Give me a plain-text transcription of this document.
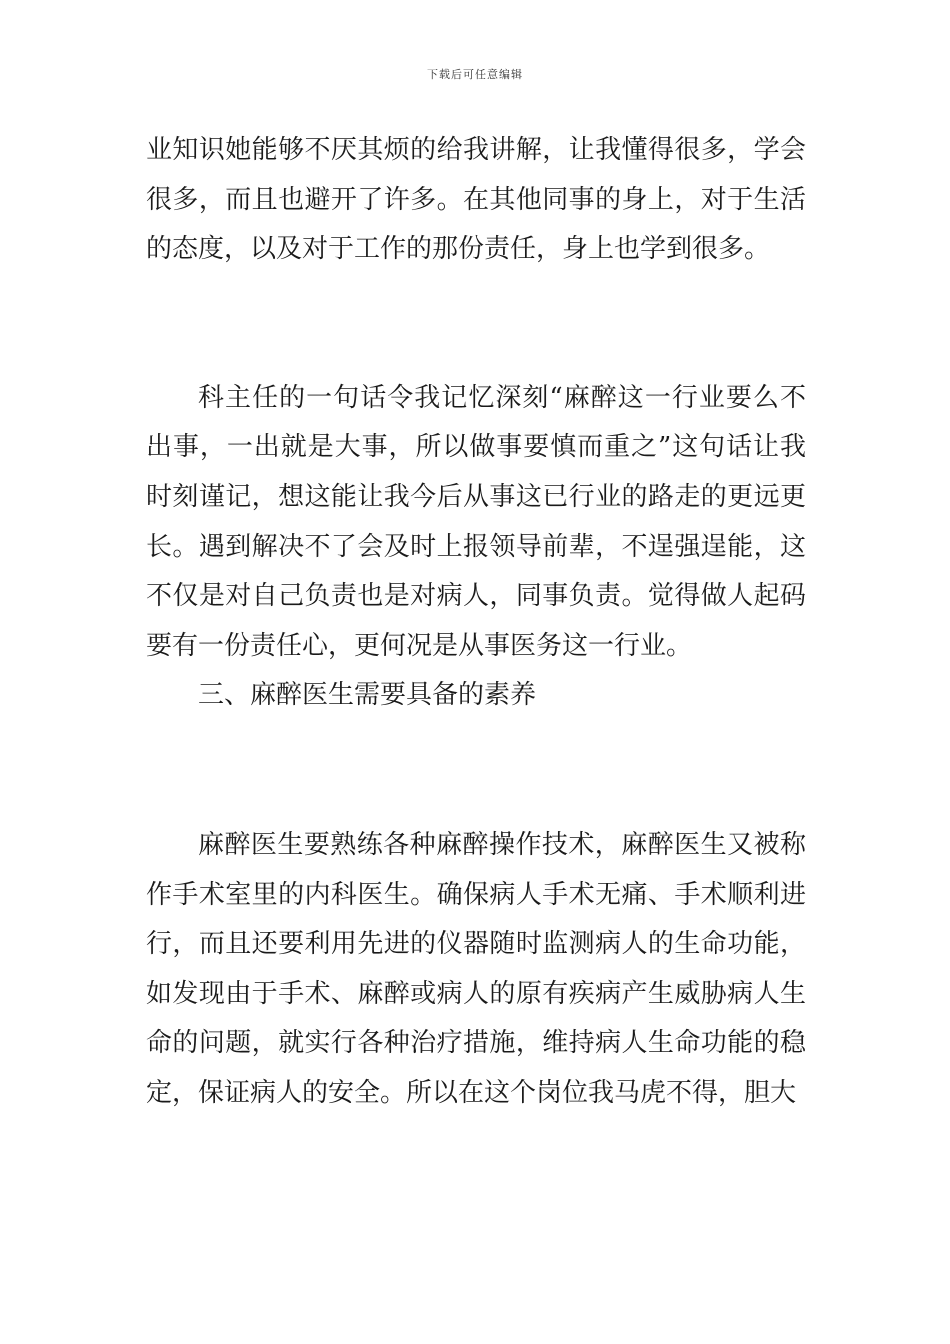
下载后可任意编辑

业知识她能够不厌其烦的给我讲解，让我懂得很多，学会很多，而且也避开了许多。在其他同事的身上，对于生活的态度，以及对于工作的那份责任，身上也学到很多。

科主任的一句话令我记忆深刻“麻醉这一行业要么不出事，一出就是大事，所以做事要慎而重之”这句话让我时刻谨记，想这能让我今后从事这已行业的路走的更远更长。遇到解决不了会及时上报领导前辈，不逞强逞能，这不仅是对自己负责也是对病人，同事负责。觉得做人起码要有一份责任心，更何况是从事医务这一行业。

三、麻醉医生需要具备的素养

麻醉医生要熟练各种麻醉操作技术，麻醉医生又被称作手术室里的内科医生。确保病人手术无痛、手术顺利进行，而且还要利用先进的仪器随时监测病人的生命功能，如发现由于手术、麻醉或病人的原有疾病产生威胁病人生命的问题，就实行各种治疗措施，维持病人生命功能的稳定，保证病人的安全。所以在这个岗位我马虎不得，胆大
